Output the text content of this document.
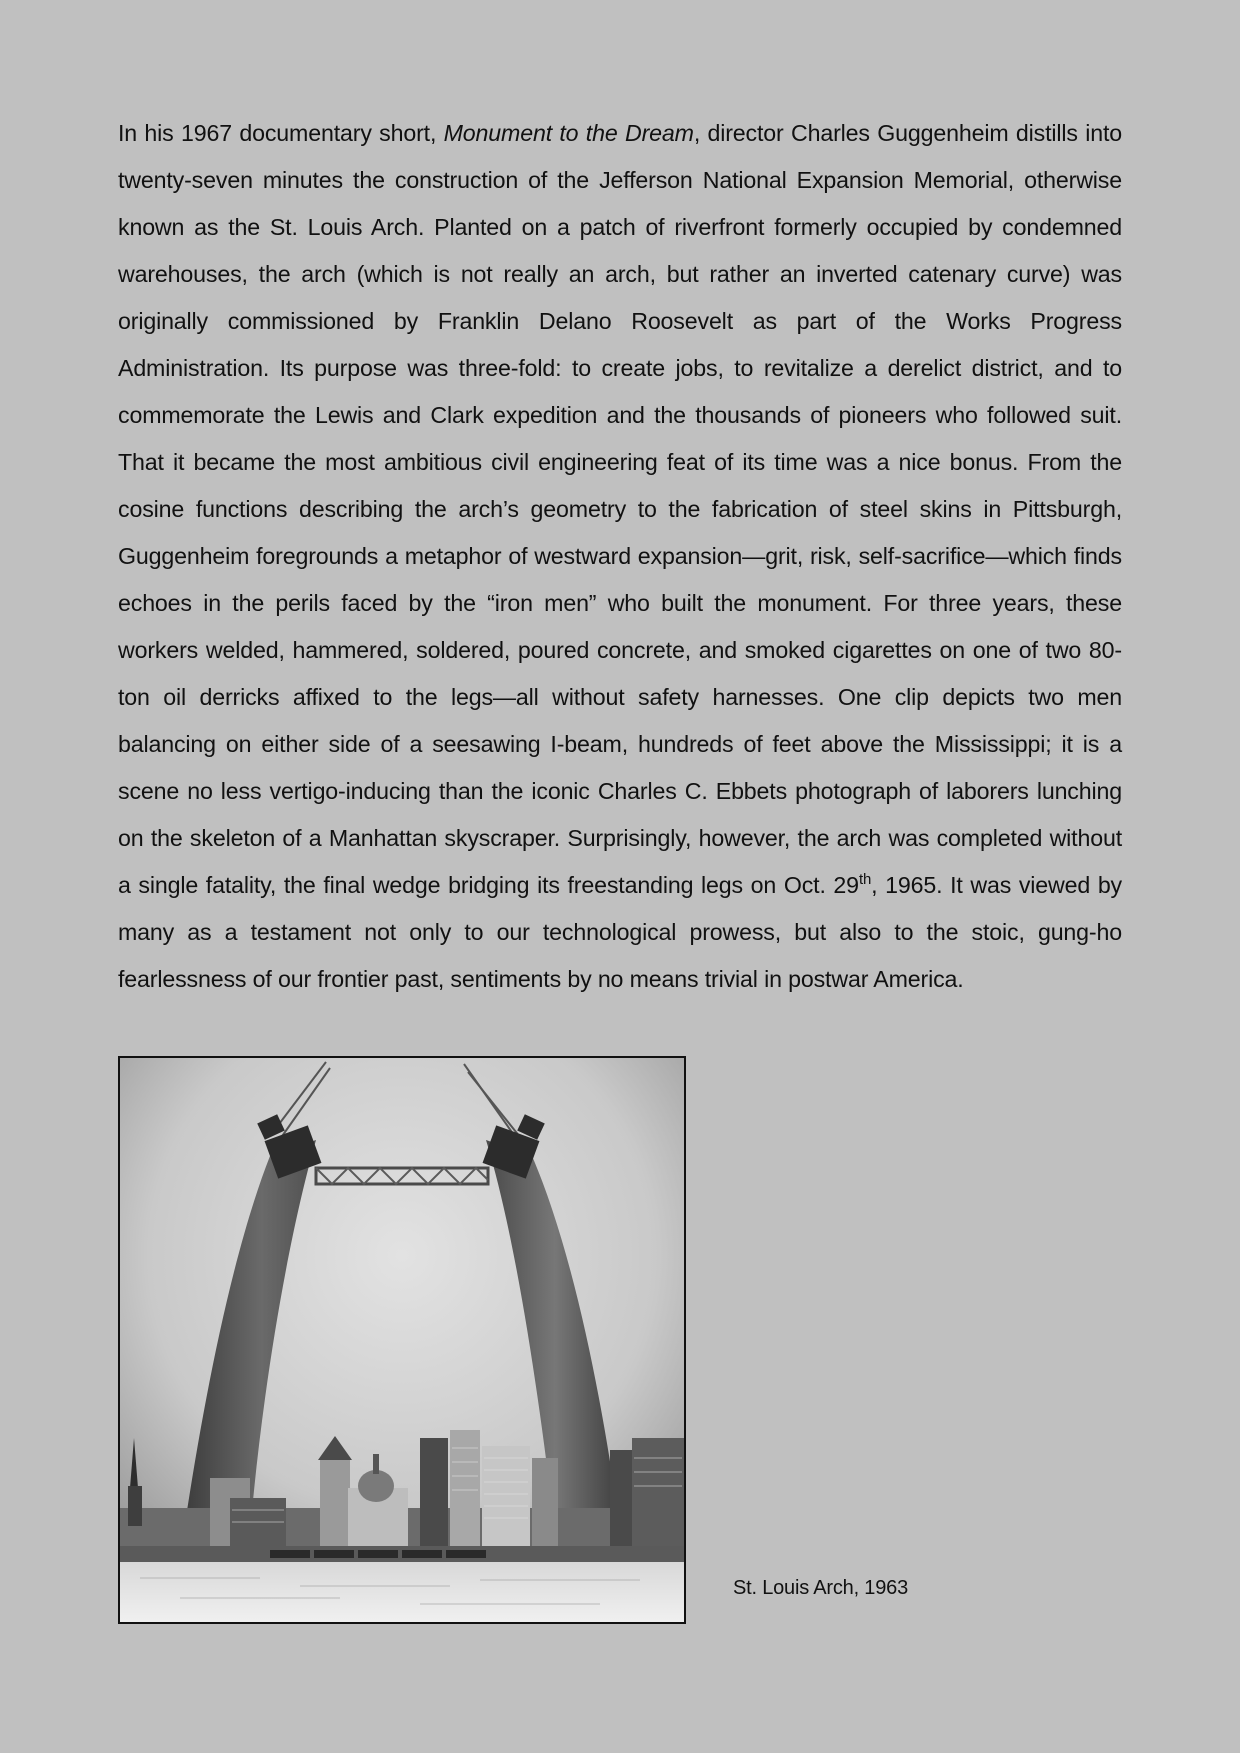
In his 1967 documentary short, Monument to the Dream, director Charles Guggenheim distills into twenty-seven minutes the construction of the Jefferson National Expansion Memorial, otherwise known as the St. Louis Arch. Planted on a patch of riverfront formerly occupied by condemned warehouses, the arch (which is not really an arch, but rather an inverted catenary curve) was originally commissioned by Franklin Delano Roosevelt as part of the Works Progress Administration. Its purpose was three-fold: to create jobs, to revitalize a derelict district, and to commemorate the Lewis and Clark expedition and the thousands of pioneers who followed suit. That it became the most ambitious civil engineering feat of its time was a nice bonus. From the cosine functions describing the arch’s geometry to the fabrication of steel skins in Pittsburgh, Guggenheim foregrounds a metaphor of westward expansion—grit, risk, self-sacrifice—which finds echoes in the perils faced by the “iron men” who built the monument. For three years, these workers welded, hammered, soldered, poured concrete, and smoked cigarettes on one of two 80-ton oil derricks affixed to the legs—all without safety harnesses. One clip depicts two men balancing on either side of a seesawing I-beam, hundreds of feet above the Mississippi; it is a scene no less vertigo-inducing than the iconic Charles C. Ebbets photograph of laborers lunching on the skeleton of a Manhattan skyscraper. Surprisingly, however, the arch was completed without a single fatality, the final wedge bridging its freestanding legs on Oct. 29th, 1965. It was viewed by many as a testament not only to our technological prowess, but also to the stoic, gung-ho fearlessness of our frontier past, sentiments by no means trivial in postwar America.

St. Louis Arch, 1963
